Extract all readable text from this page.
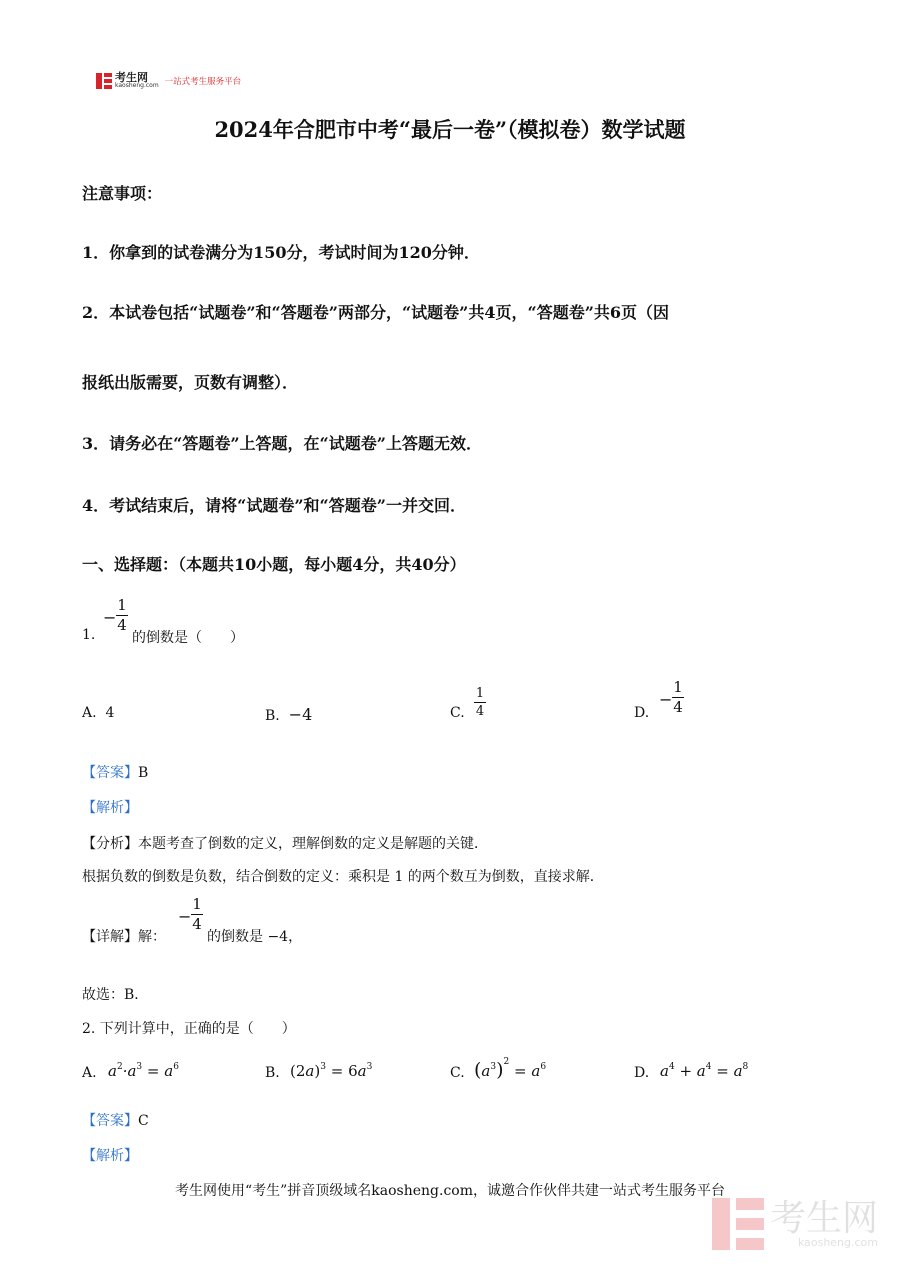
考生网
kaosheng.com 一站式考生服务平台
2024年合肥市中考“最后一卷”（模拟卷）数学试题
注意事项：
1．你拿到的试卷满分为150分，考试时间为120分钟．
2．本试卷包括“试题卷”和“答题卷”两部分，“试题卷”共4页，“答题卷”共6页（因
报纸出版需要，页数有调整）．
3．请务必在“答题卷”上答题，在“试题卷”上答题无效．
4．考试结束后，请将“试题卷”和“答题卷”一并交回．
一、选择题：（本题共10小题，每小题4分，共40分）
1.
−
1
4
的倒数是（　　）
A. 4	B. −4	C.
1
4	D.
−
1
4
【答案】B
【解析】
【分析】本题考查了倒数的定义，理解倒数的定义是解题的关键．
根据负数的倒数是负数，结合倒数的定义：乘积是 1 的两个数互为倒数，直接求解．
【详解】解：
−
1
4
的倒数是 −4，
故选：B．
2. 下列计算中，正确的是（　　）
A. $a^2\cdot a^3 = a^6$	B. $(2a)^3 = 6a^3$	C. $(a^3)^2 = a^6$	D. $a^4 + a^4 = a^8$
【答案】C
【解析】
考生网使用“考生”拼音顶级域名kaosheng.com，诚邀合作伙伴共建一站式考生服务平台
考生网
kaosheng.com
